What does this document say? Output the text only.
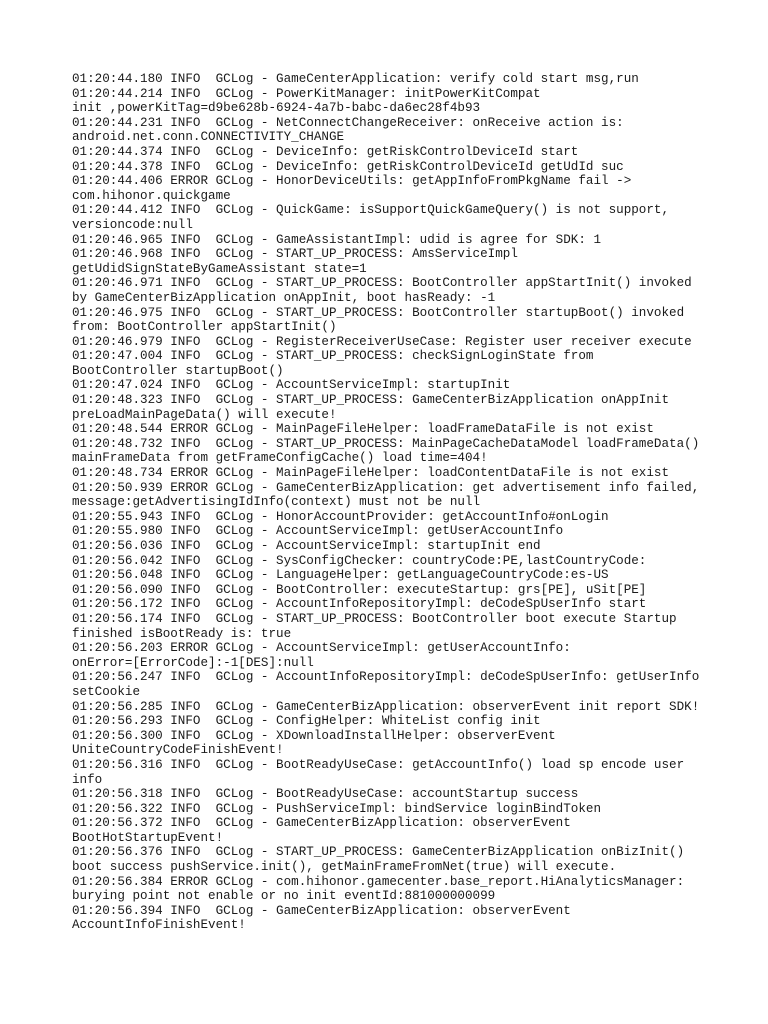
01:20:44.180 INFO  GCLog - GameCenterApplication: verify cold start msg,run
01:20:44.214 INFO  GCLog - PowerKitManager: initPowerKitCompat
init ,powerKitTag=d9be628b-6924-4a7b-babc-da6ec28f4b93
01:20:44.231 INFO  GCLog - NetConnectChangeReceiver: onReceive action is:
android.net.conn.CONNECTIVITY_CHANGE
01:20:44.374 INFO  GCLog - DeviceInfo: getRiskControlDeviceId start
01:20:44.378 INFO  GCLog - DeviceInfo: getRiskControlDeviceId getUdId suc
01:20:44.406 ERROR GCLog - HonorDeviceUtils: getAppInfoFromPkgName fail ->
com.hihonor.quickgame
01:20:44.412 INFO  GCLog - QuickGame: isSupportQuickGameQuery() is not support,
versioncode:null
01:20:46.965 INFO  GCLog - GameAssistantImpl: udid is agree for SDK: 1
01:20:46.968 INFO  GCLog - START_UP_PROCESS: AmsServiceImpl
getUdidSignStateByGameAssistant state=1
01:20:46.971 INFO  GCLog - START_UP_PROCESS: BootController appStartInit() invoked
by GameCenterBizApplication onAppInit, boot hasReady: -1
01:20:46.975 INFO  GCLog - START_UP_PROCESS: BootController startupBoot() invoked
from: BootController appStartInit()
01:20:46.979 INFO  GCLog - RegisterReceiverUseCase: Register user receiver execute
01:20:47.004 INFO  GCLog - START_UP_PROCESS: checkSignLoginState from
BootController startupBoot()
01:20:47.024 INFO  GCLog - AccountServiceImpl: startupInit
01:20:48.323 INFO  GCLog - START_UP_PROCESS: GameCenterBizApplication onAppInit
preLoadMainPageData() will execute!
01:20:48.544 ERROR GCLog - MainPageFileHelper: loadFrameDataFile is not exist
01:20:48.732 INFO  GCLog - START_UP_PROCESS: MainPageCacheDataModel loadFrameData()
mainFrameData from getFrameConfigCache() load time=404!
01:20:48.734 ERROR GCLog - MainPageFileHelper: loadContentDataFile is not exist
01:20:50.939 ERROR GCLog - GameCenterBizApplication: get advertisement info failed,
message:getAdvertisingIdInfo(context) must not be null
01:20:55.943 INFO  GCLog - HonorAccountProvider: getAccountInfo#onLogin
01:20:55.980 INFO  GCLog - AccountServiceImpl: getUserAccountInfo
01:20:56.036 INFO  GCLog - AccountServiceImpl: startupInit end
01:20:56.042 INFO  GCLog - SysConfigChecker: countryCode:PE,lastCountryCode:
01:20:56.048 INFO  GCLog - LanguageHelper: getLanguageCountryCode:es-US
01:20:56.090 INFO  GCLog - BootController: executeStartup: grs[PE], uSit[PE]
01:20:56.172 INFO  GCLog - AccountInfoRepositoryImpl: deCodeSpUserInfo start
01:20:56.174 INFO  GCLog - START_UP_PROCESS: BootController boot execute Startup
finished isBootReady is: true
01:20:56.203 ERROR GCLog - AccountServiceImpl: getUserAccountInfo:
onError=[ErrorCode]:-1[DES]:null
01:20:56.247 INFO  GCLog - AccountInfoRepositoryImpl: deCodeSpUserInfo: getUserInfo
setCookie
01:20:56.285 INFO  GCLog - GameCenterBizApplication: observerEvent init report SDK!
01:20:56.293 INFO  GCLog - ConfigHelper: WhiteList config init
01:20:56.300 INFO  GCLog - XDownloadInstallHelper: observerEvent
UniteCountryCodeFinishEvent!
01:20:56.316 INFO  GCLog - BootReadyUseCase: getAccountInfo() load sp encode user
info
01:20:56.318 INFO  GCLog - BootReadyUseCase: accountStartup success
01:20:56.322 INFO  GCLog - PushServiceImpl: bindService loginBindToken
01:20:56.372 INFO  GCLog - GameCenterBizApplication: observerEvent
BootHotStartupEvent!
01:20:56.376 INFO  GCLog - START_UP_PROCESS: GameCenterBizApplication onBizInit()
boot success pushService.init(), getMainFrameFromNet(true) will execute.
01:20:56.384 ERROR GCLog - com.hihonor.gamecenter.base_report.HiAnalyticsManager:
burying point not enable or no init eventId:881000000099
01:20:56.394 INFO  GCLog - GameCenterBizApplication: observerEvent
AccountInfoFinishEvent!
